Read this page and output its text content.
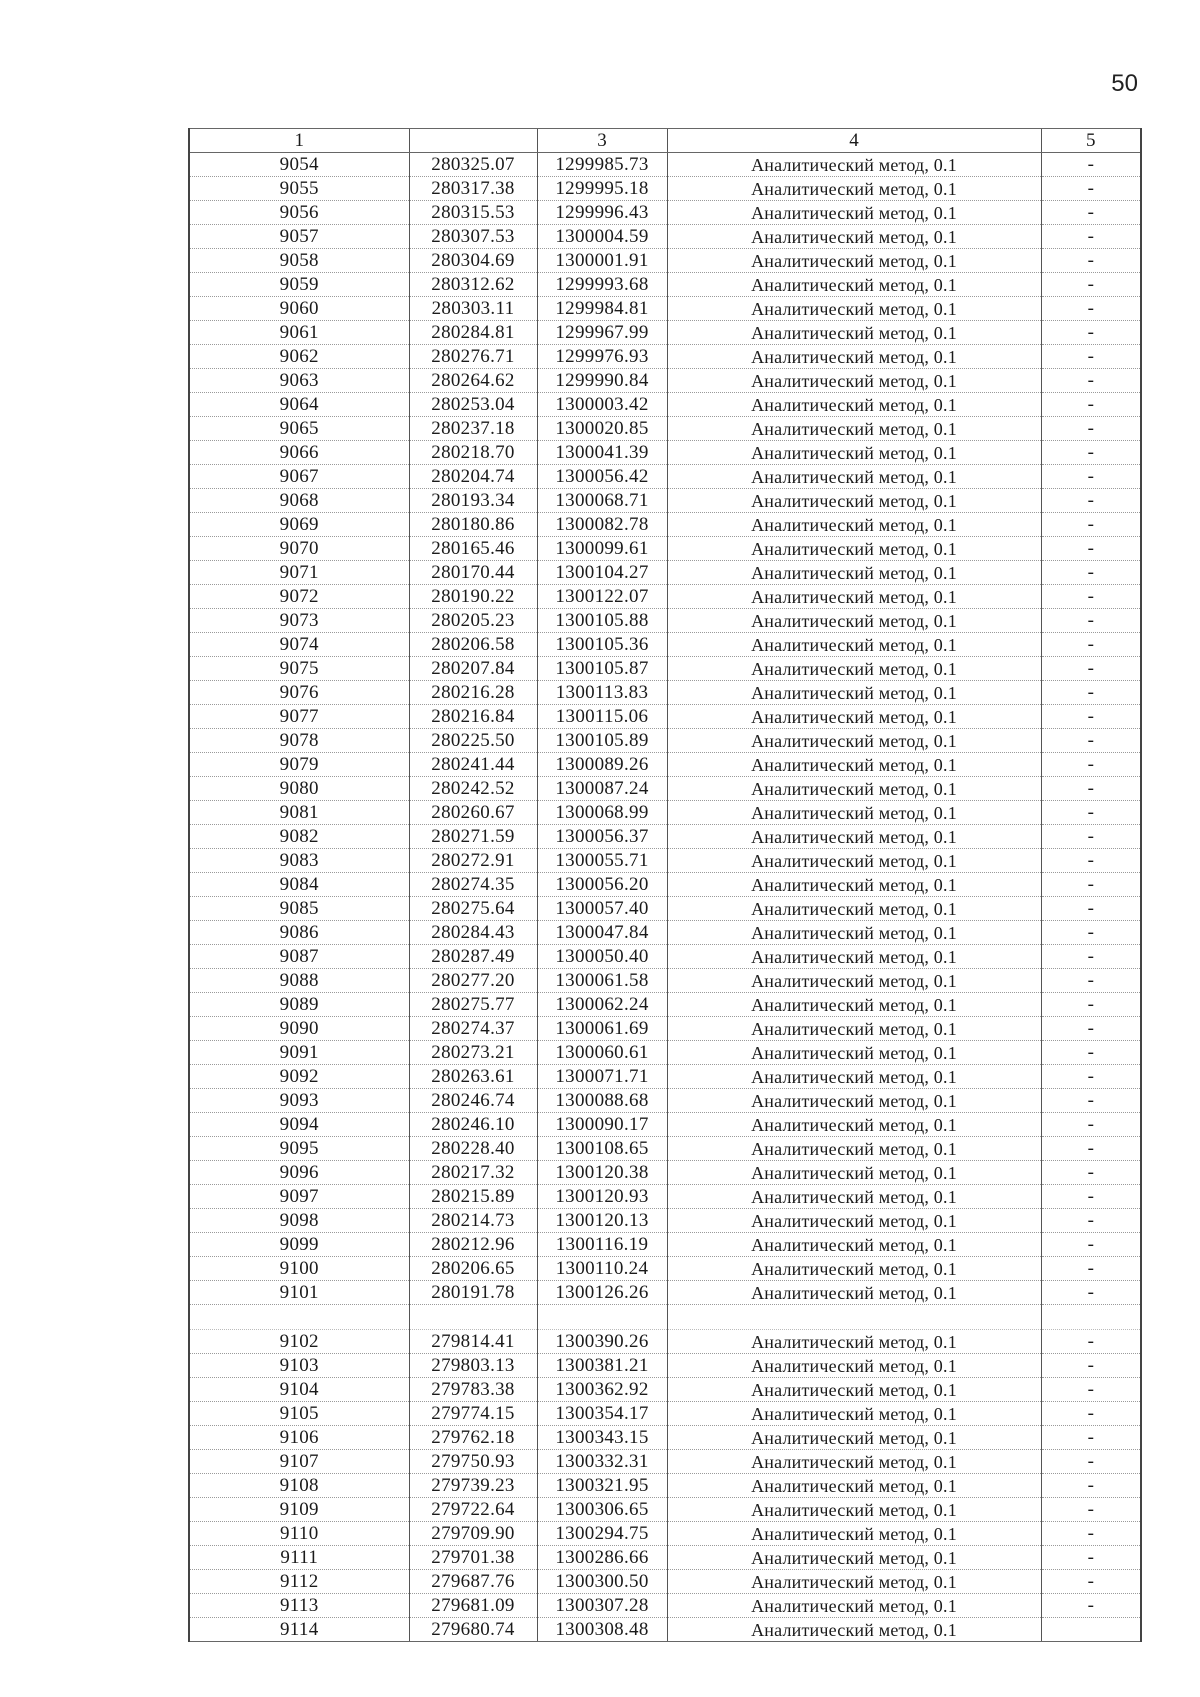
50
1		3	4	5
9054	280325.07	1299985.73	Аналитический метод, 0.1	-
9055	280317.38	1299995.18	Аналитический метод, 0.1	-
9056	280315.53	1299996.43	Аналитический метод, 0.1	-
9057	280307.53	1300004.59	Аналитический метод, 0.1	-
9058	280304.69	1300001.91	Аналитический метод, 0.1	-
9059	280312.62	1299993.68	Аналитический метод, 0.1	-
9060	280303.11	1299984.81	Аналитический метод, 0.1	-
9061	280284.81	1299967.99	Аналитический метод, 0.1	-
9062	280276.71	1299976.93	Аналитический метод, 0.1	-
9063	280264.62	1299990.84	Аналитический метод, 0.1	-
9064	280253.04	1300003.42	Аналитический метод, 0.1	-
9065	280237.18	1300020.85	Аналитический метод, 0.1	-
9066	280218.70	1300041.39	Аналитический метод, 0.1	-
9067	280204.74	1300056.42	Аналитический метод, 0.1	-
9068	280193.34	1300068.71	Аналитический метод, 0.1	-
9069	280180.86	1300082.78	Аналитический метод, 0.1	-
9070	280165.46	1300099.61	Аналитический метод, 0.1	-
9071	280170.44	1300104.27	Аналитический метод, 0.1	-
9072	280190.22	1300122.07	Аналитический метод, 0.1	-
9073	280205.23	1300105.88	Аналитический метод, 0.1	-
9074	280206.58	1300105.36	Аналитический метод, 0.1	-
9075	280207.84	1300105.87	Аналитический метод, 0.1	-
9076	280216.28	1300113.83	Аналитический метод, 0.1	-
9077	280216.84	1300115.06	Аналитический метод, 0.1	-
9078	280225.50	1300105.89	Аналитический метод, 0.1	-
9079	280241.44	1300089.26	Аналитический метод, 0.1	-
9080	280242.52	1300087.24	Аналитический метод, 0.1	-
9081	280260.67	1300068.99	Аналитический метод, 0.1	-
9082	280271.59	1300056.37	Аналитический метод, 0.1	-
9083	280272.91	1300055.71	Аналитический метод, 0.1	-
9084	280274.35	1300056.20	Аналитический метод, 0.1	-
9085	280275.64	1300057.40	Аналитический метод, 0.1	-
9086	280284.43	1300047.84	Аналитический метод, 0.1	-
9087	280287.49	1300050.40	Аналитический метод, 0.1	-
9088	280277.20	1300061.58	Аналитический метод, 0.1	-
9089	280275.77	1300062.24	Аналитический метод, 0.1	-
9090	280274.37	1300061.69	Аналитический метод, 0.1	-
9091	280273.21	1300060.61	Аналитический метод, 0.1	-
9092	280263.61	1300071.71	Аналитический метод, 0.1	-
9093	280246.74	1300088.68	Аналитический метод, 0.1	-
9094	280246.10	1300090.17	Аналитический метод, 0.1	-
9095	280228.40	1300108.65	Аналитический метод, 0.1	-
9096	280217.32	1300120.38	Аналитический метод, 0.1	-
9097	280215.89	1300120.93	Аналитический метод, 0.1	-
9098	280214.73	1300120.13	Аналитический метод, 0.1	-
9099	280212.96	1300116.19	Аналитический метод, 0.1	-
9100	280206.65	1300110.24	Аналитический метод, 0.1	-
9101	280191.78	1300126.26	Аналитический метод, 0.1	-

9102	279814.41	1300390.26	Аналитический метод, 0.1	-
9103	279803.13	1300381.21	Аналитический метод, 0.1	-
9104	279783.38	1300362.92	Аналитический метод, 0.1	-
9105	279774.15	1300354.17	Аналитический метод, 0.1	-
9106	279762.18	1300343.15	Аналитический метод, 0.1	-
9107	279750.93	1300332.31	Аналитический метод, 0.1	-
9108	279739.23	1300321.95	Аналитический метод, 0.1	-
9109	279722.64	1300306.65	Аналитический метод, 0.1	-
9110	279709.90	1300294.75	Аналитический метод, 0.1	-
9111	279701.38	1300286.66	Аналитический метод, 0.1	-
9112	279687.76	1300300.50	Аналитический метод, 0.1	-
9113	279681.09	1300307.28	Аналитический метод, 0.1	-
9114	279680.74	1300308.48	Аналитический метод, 0.1	
